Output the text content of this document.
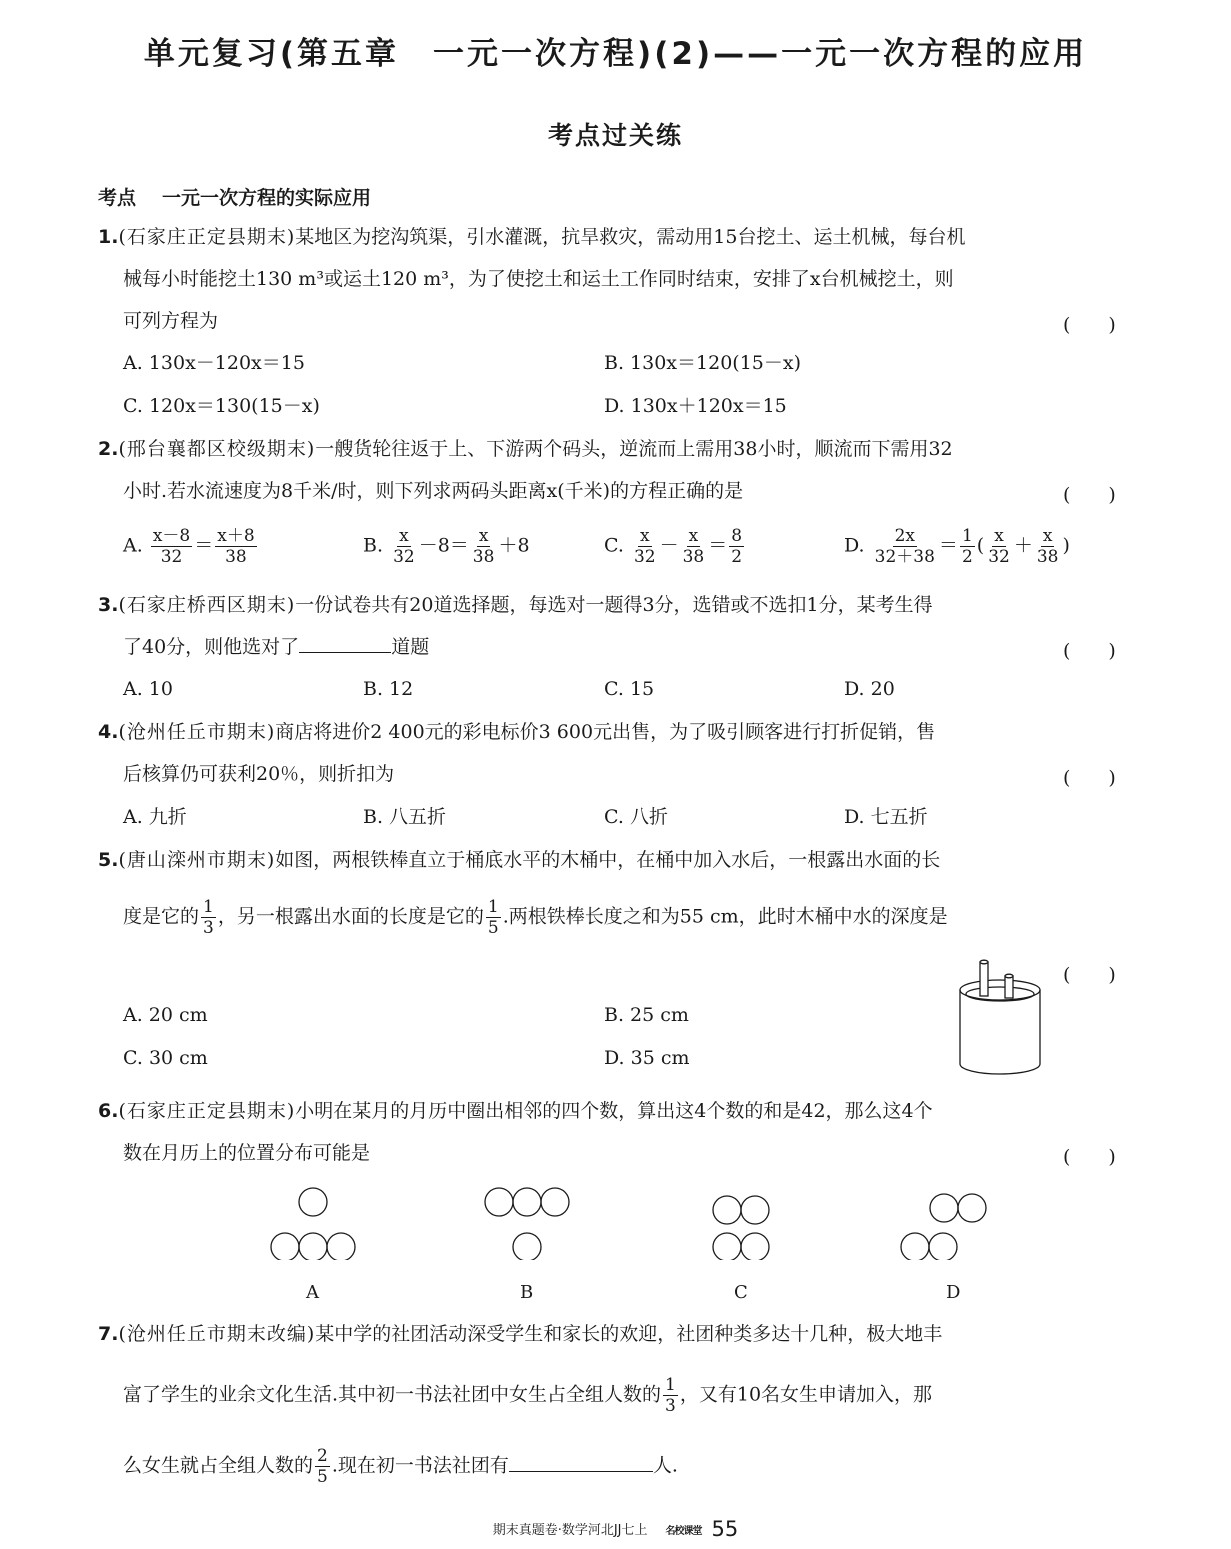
单元复习(第五章　一元一次方程)(2)——一元一次方程的应用
考点过关练
考点 一元一次方程的实际应用
1.(石家庄正定县期末)某地区为挖沟筑渠，引水灌溉，抗旱救灾，需动用15台挖土、运土机械，每台机
械每小时能挖土130 m³或运土120 m³，为了使挖土和运土工作同时结束，安排了x台机械挖土，则
可列方程为	(　　)
A. 130x－120x＝15	B. 130x＝120(15－x)
C. 120x＝130(15－x)	D. 130x＋120x＝15
2.(邢台襄都区校级期末)一艘货轮往返于上、下游两个码头，逆流而上需用38小时，顺流而下需用32
小时.若水流速度为8千米/时，则下列求两码头距离x(千米)的方程正确的是	(　　)
A. $\frac{x-8}{32} = \frac{x+8}{38}$	B. $\frac{x}{32} -8= \frac{x}{38} +8$	C. $\frac{x}{32} - \frac{x}{38} = \frac{8}{2}$	D. $\frac{2x}{32+38} = \frac{1}{2}$ ( $\frac{x}{32} + \frac{x}{38}$ )
3.(石家庄桥西区期末)一份试卷共有20道选择题，每选对一题得3分，选错或不选扣1分，某考生得
了40分，则他选对了	道题	(　　)
A. 10	B. 12	C. 15	D. 20
4.(沧州任丘市期末)商店将进价2 400元的彩电标价3 600元出售，为了吸引顾客进行打折促销，售
后核算仍可获利20％，则折扣为	(　　)
A. 九折	B. 八五折	C. 八折	D. 七五折
5.(唐山滦州市期末)如图，两根铁棒直立于桶底水平的木桶中，在桶中加入水后，一根露出水面的长
度是它的 $\frac{1}{3}$ ，另一根露出水面的长度是它的 $\frac{1}{5}$ .两根铁棒长度之和为55 cm，此时木桶中水的深度是
(　　)
A. 20 cm	B. 25 cm
C. 30 cm	D. 35 cm
6.(石家庄正定县期末)小明在某月的月历中圈出相邻的四个数，算出这4个数的和是42，那么这4个
数在月历上的位置分布可能是	(　　)
A	B	C	D
7.(沧州任丘市期末改编)某中学的社团活动深受学生和家长的欢迎，社团种类多达十几种，极大地丰
富了学生的业余文化生活.其中初一书法社团中女生占全组人数的 $\frac{1}{3}$ ，又有10名女生申请加入，那
么女生就占全组人数的 $\frac{2}{5}$ .现在初一书法社团有	人.
期末真题卷·数学河北JJ七上 名校课堂 55
